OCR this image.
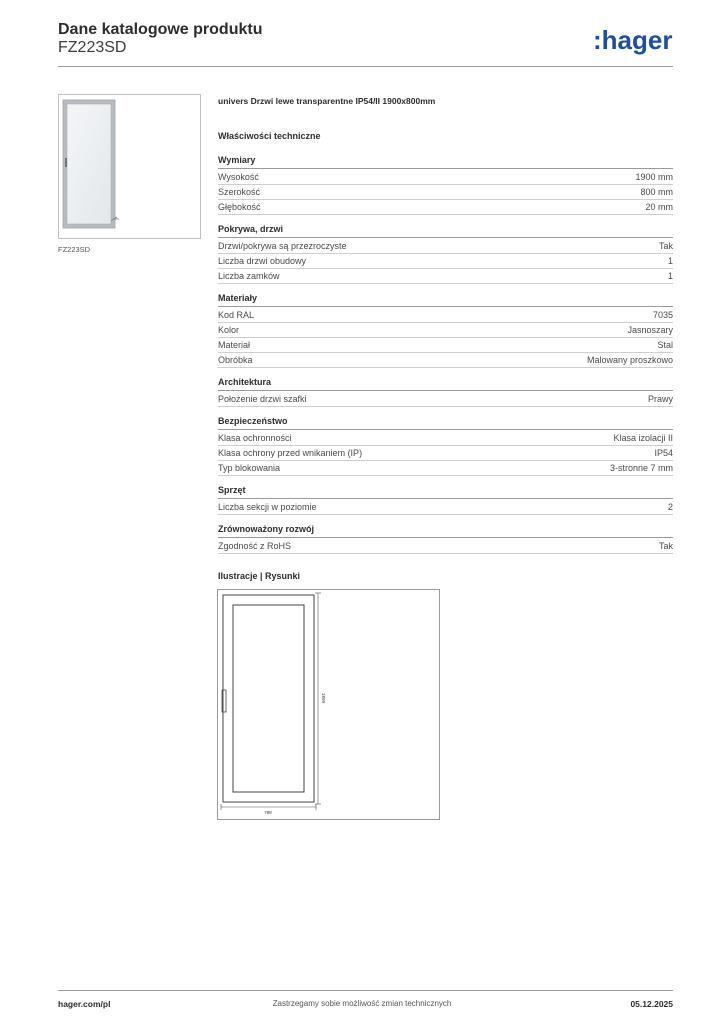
Dane katalogowe produktu
FZ223SD	:hager
FZ223SD
univers Drzwi lewe transparentne IP54/II 1900x800mm
Właściwości techniczne
Wymiary
Wysokość	1900 mm
Szerokość	800 mm
Głębokość	20 mm
Pokrywa, drzwi
Drzwi/pokrywa są przezroczyste	Tak
Liczba drzwi obudowy	1
Liczba zamków	1
Materiały
Kod RAL	7035
Kolor	Jasnoszary
Materiał	Stal
Obróbka	Malowany proszkowo
Architektura
Położenie drzwi szafki	Prawy
Bezpieczeństwo
Klasa ochronności	Klasa izolacji II
Klasa ochrony przed wnikaniem (IP)	IP54
Typ blokowania	3-stronne 7 mm
Sprzęt
Liczba sekcji w poziomie	2
Zrównoważony rozwój
Zgodność z RoHS	Tak
Ilustracje | Rysunki
798
1899
hager.com/pl	Zastrzegamy sobie możliwość zmian technicznych	05.12.2025
